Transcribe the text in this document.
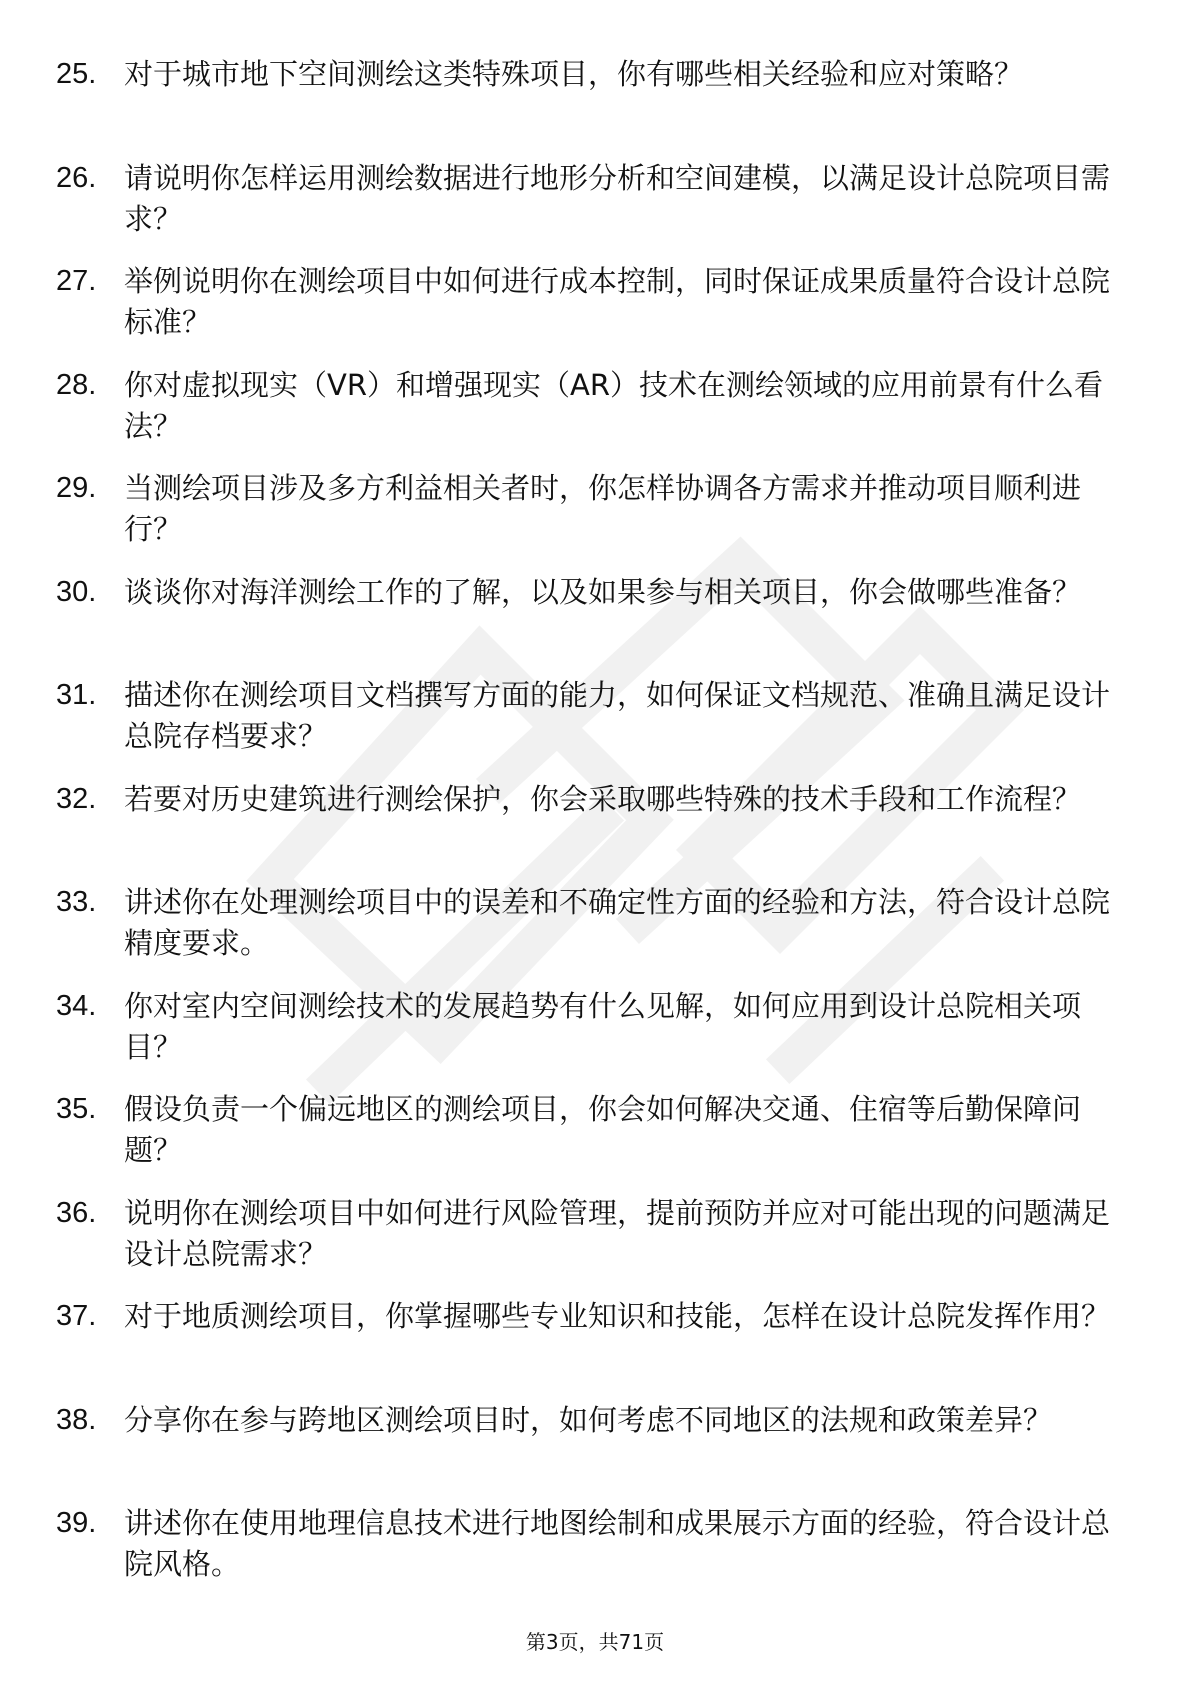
25. 对于城市地下空间测绘这类特殊项目，你有哪些相关经验和应对策略？
26. 请说明你怎样运用测绘数据进行地形分析和空间建模，以满足设计总院项目需求？
27. 举例说明你在测绘项目中如何进行成本控制，同时保证成果质量符合设计总院标准？
28. 你对虚拟现实（VR）和增强现实（AR）技术在测绘领域的应用前景有什么看法？
29. 当测绘项目涉及多方利益相关者时，你怎样协调各方需求并推动项目顺利进行？
30. 谈谈你对海洋测绘工作的了解，以及如果参与相关项目，你会做哪些准备？
31. 描述你在测绘项目文档撰写方面的能力，如何保证文档规范、准确且满足设计总院存档要求？
32. 若要对历史建筑进行测绘保护，你会采取哪些特殊的技术手段和工作流程？
33. 讲述你在处理测绘项目中的误差和不确定性方面的经验和方法，符合设计总院精度要求。
34. 你对室内空间测绘技术的发展趋势有什么见解，如何应用到设计总院相关项目？
35. 假设负责一个偏远地区的测绘项目，你会如何解决交通、住宿等后勤保障问题？
36. 说明你在测绘项目中如何进行风险管理，提前预防并应对可能出现的问题满足设计总院需求？
37. 对于地质测绘项目，你掌握哪些专业知识和技能，怎样在设计总院发挥作用？
38. 分享你在参与跨地区测绘项目时，如何考虑不同地区的法规和政策差异？
39. 讲述你在使用地理信息技术进行地图绘制和成果展示方面的经验，符合设计总院风格。
第3页，共71页
